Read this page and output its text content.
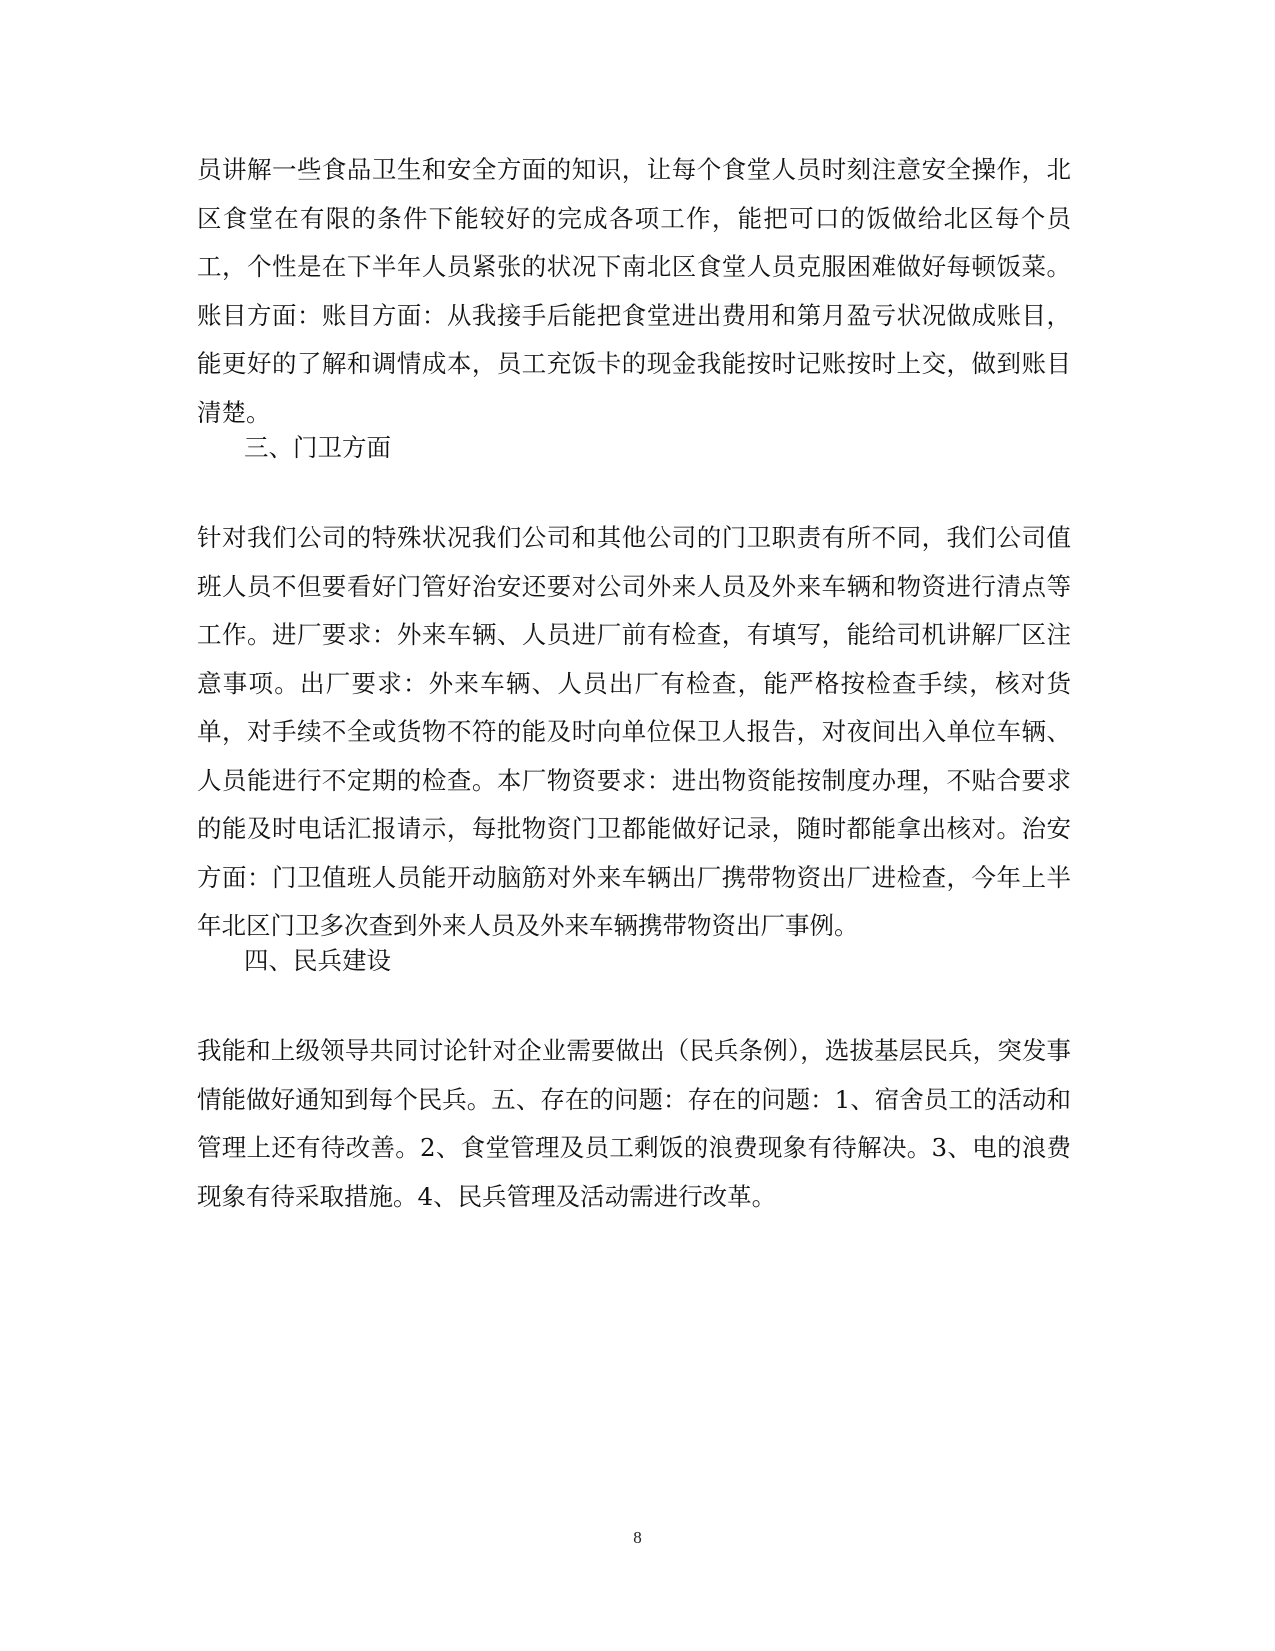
员讲解一些食品卫生和安全方面的知识，让每个食堂人员时刻注意安全操作，北区食堂在有限的条件下能较好的完成各项工作，能把可口的饭做给北区每个员工，个性是在下半年人员紧张的状况下南北区食堂人员克服困难做好每顿饭菜。账目方面：账目方面：从我接手后能把食堂进出费用和第月盈亏状况做成账目，能更好的了解和调情成本，员工充饭卡的现金我能按时记账按时上交，做到账目清楚。

三、门卫方面

针对我们公司的特殊状况我们公司和其他公司的门卫职责有所不同，我们公司值班人员不但要看好门管好治安还要对公司外来人员及外来车辆和物资进行清点等工作。进厂要求：外来车辆、人员进厂前有检查，有填写，能给司机讲解厂区注意事项。出厂要求：外来车辆、人员出厂有检查，能严格按检查手续，核对货单，对手续不全或货物不符的能及时向单位保卫人报告，对夜间出入单位车辆、人员能进行不定期的检查。本厂物资要求：进出物资能按制度办理，不贴合要求的能及时电话汇报请示，每批物资门卫都能做好记录，随时都能拿出核对。治安方面：门卫值班人员能开动脑筋对外来车辆出厂携带物资出厂进检查，今年上半年北区门卫多次查到外来人员及外来车辆携带物资出厂事例。

四、民兵建设

我能和上级领导共同讨论针对企业需要做出（民兵条例），选拔基层民兵，突发事情能做好通知到每个民兵。五、存在的问题：存在的问题：1、宿舍员工的活动和管理上还有待改善。2、食堂管理及员工剩饭的浪费现象有待解决。3、电的浪费现象有待采取措施。4、民兵管理及活动需进行改革。

8
